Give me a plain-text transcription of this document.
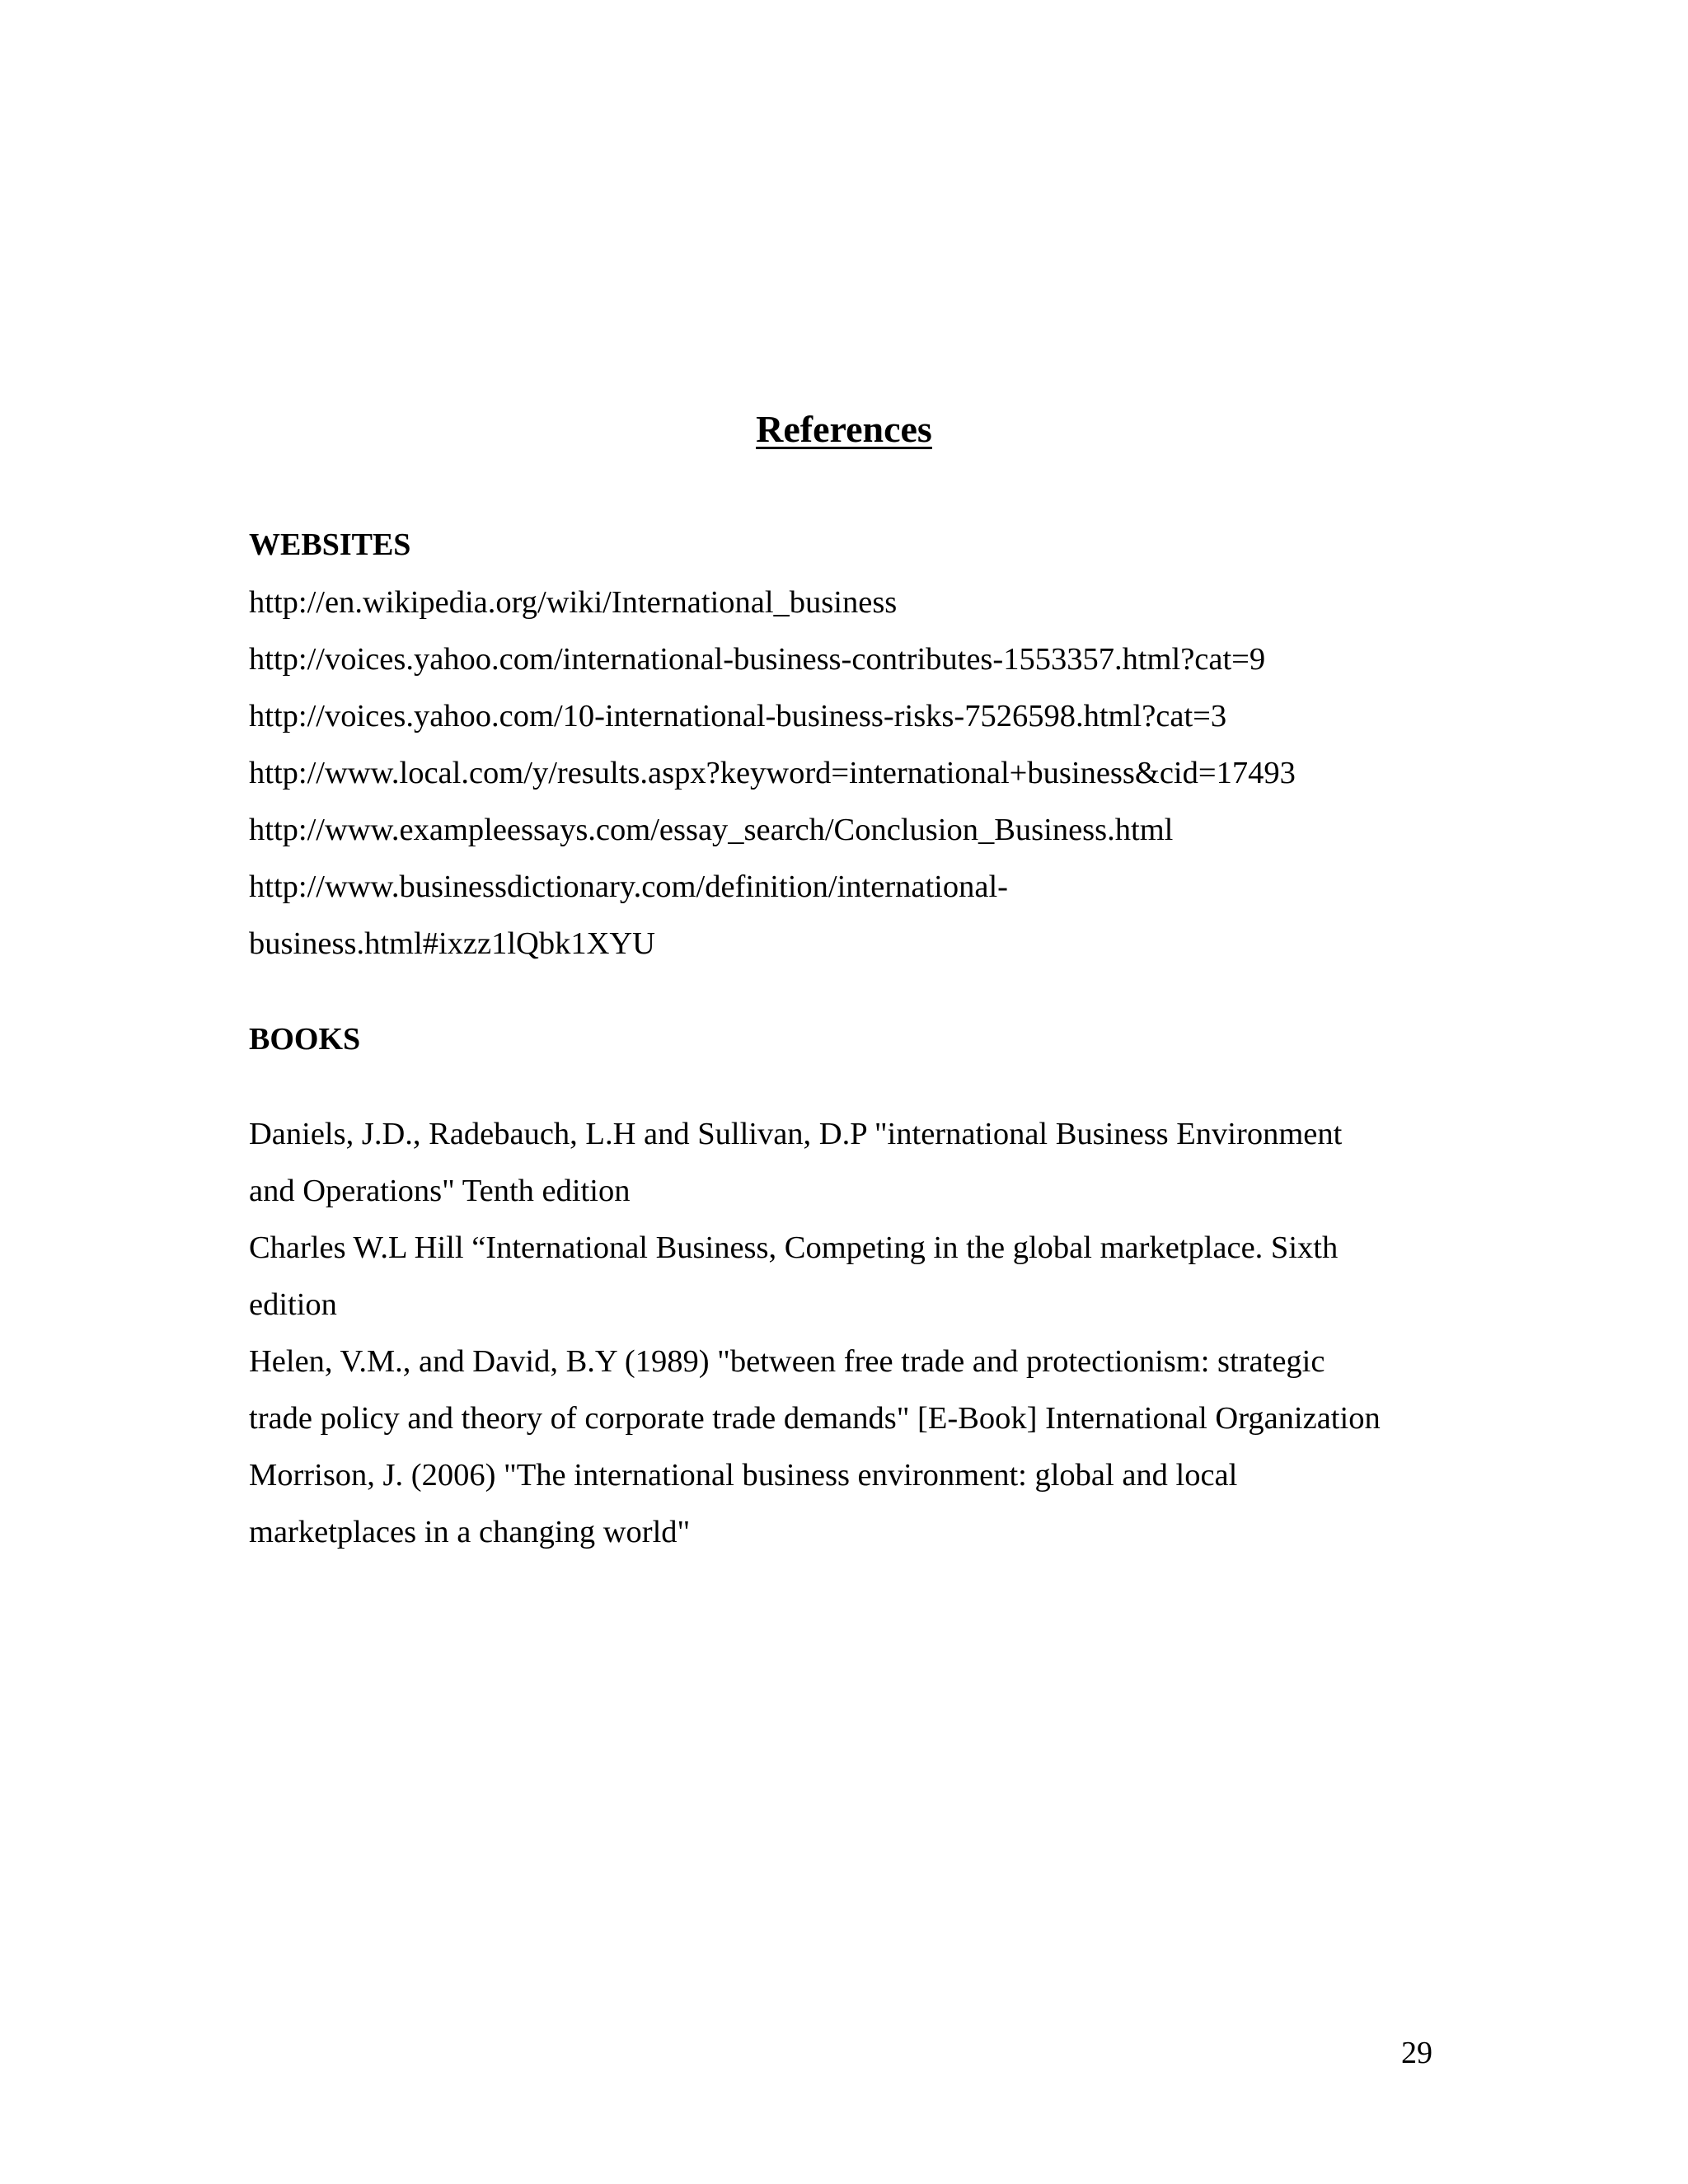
References
WEBSITES
http://en.wikipedia.org/wiki/International_business
http://voices.yahoo.com/international-business-contributes-1553357.html?cat=9
http://voices.yahoo.com/10-international-business-risks-7526598.html?cat=3
http://www.local.com/y/results.aspx?keyword=international+business&cid=17493
http://www.exampleessays.com/essay_search/Conclusion_Business.html
http://www.businessdictionary.com/definition/international-
business.html#ixzz1lQbk1XYU
BOOKS
Daniels, J.D., Radebauch, L.H and Sullivan, D.P "international Business Environment
and Operations" Tenth edition
Charles W.L Hill “International Business, Competing in the global marketplace. Sixth
edition
Helen, V.M., and David, B.Y (1989) "between free trade and protectionism: strategic
trade policy and theory of corporate trade demands" [E-Book] International Organization
Morrison, J. (2006) "The international business environment: global and local
marketplaces in a changing world"
29
